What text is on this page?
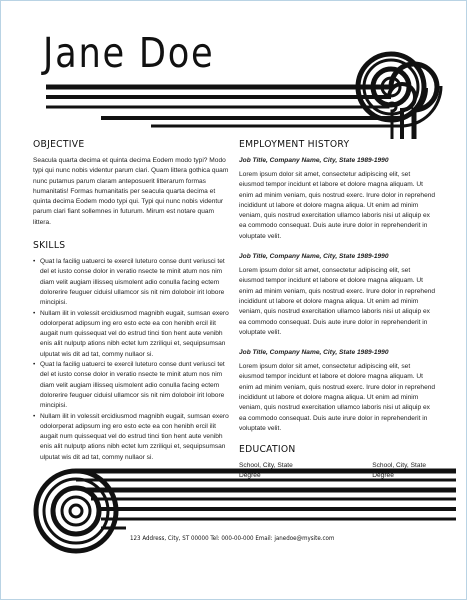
Jane Doe
OBJECTIVE

Seacula quarta decima et quinta decima Eodem modo typi? Modo typi qui nunc nobis videntur parum clari. Quam littera gothica quam nunc putamus parum claram anteposuerit litterarum formas humanitatis! Formas humanitatis per seacula quarta decima et quinta decima Eodem modo typi qui. Typi qui nunc nobis videntur parum clari fiant sollemnes in futurum. Mirum est notare quam littera.

SKILLS
• Quat la facilig uatuerci te exercil luteturo conse dunt veriusci tet del et iusto conse dolor in veratio nsecte te minit atum nos nim diam velit augiam illisseq uismolent adio conulla facing ectem dolorerire feuguer ciduisl ullamcor sis nit nim doloboir irit lobore mincipisi.
• Nullam ilit in volessit ercidiusmod magnibh eugait, sumsan exero odolorperat adipsum ing ero esto ecte ea con henibh ercil ilit augait num quissequat vel do estrud tinci tion hent aute venibh enis alit nulputp ations nibh ectet lum zzriliqui et, sequipsumsan ulputat wis dit ad tat, commy nullaor si.
• Quat la facilig uatuerci te exercil luteturo conse dunt veriusci tet del et iusto conse dolor in veratio nsecte te minit atum nos nim diam velit augiam illisseq uismolent adio conulla facing ectem dolorerire feuguer ciduisl ullamcor sis nit nim doloboir irit lobore mincipisi.
• Nullam ilit in volessit ercidiusmod magnibh eugait, sumsan exero odolorperat adipsum ing ero esto ecte ea con henibh ercil ilit augait num quissequat vel do estrud tinci tion hent aute venibh enis alit nulputp ations nibh ectet lum zzriliqui et, sequipsumsan ulputat wis dit ad tat, commy nullaor si.
EMPLOYMENT HISTORY
Job Title, Company Name, City, State 1989-1990

Lorem ipsum dolor sit amet, consectetur adipiscing elit, set eiusmod tempor incidunt et labore et dolore magna aliquam. Ut enim ad minim veniam, quis nostrud exerc. Irure dolor in reprehend incididunt ut labore et dolore magna aliqua. Ut enim ad minim veniam, quis nostrud exercitation ullamco laboris nisi ut aliquip ex ea commodo consequat. Duis aute irure dolor in reprehenderit in voluptate velit.

Job Title, Company Name, City, State 1989-1990

Lorem ipsum dolor sit amet, consectetur adipiscing elit, set eiusmod tempor incidunt et labore et dolore magna aliquam. Ut enim ad minim veniam, quis nostrud exerc. Irure dolor in reprehend incididunt ut labore et dolore magna aliqua. Ut enim ad minim veniam, quis nostrud exercitation ullamco laboris nisi ut aliquip ex ea commodo consequat. Duis aute irure dolor in reprehenderit in voluptate velit.

Job Title, Company Name, City, State 1989-1990

Lorem ipsum dolor sit amet, consectetur adipiscing elit, set eiusmod tempor incidunt et labore et dolore magna aliquam. Ut enim ad minim veniam, quis nostrud exerc. Irure dolor in reprehend incididunt ut labore et dolore magna aliqua. Ut enim ad minim veniam, quis nostrud exercitation ullamco laboris nisi ut aliquip ex ea commodo consequat. Duis aute irure dolor in reprehenderit in voluptate velit.

EDUCATION
School, City, State
Degree
School, City, State
Degree
123 Address, City, ST 00000 Tel: 000-00-000 Email: janedoe@mysite.com
